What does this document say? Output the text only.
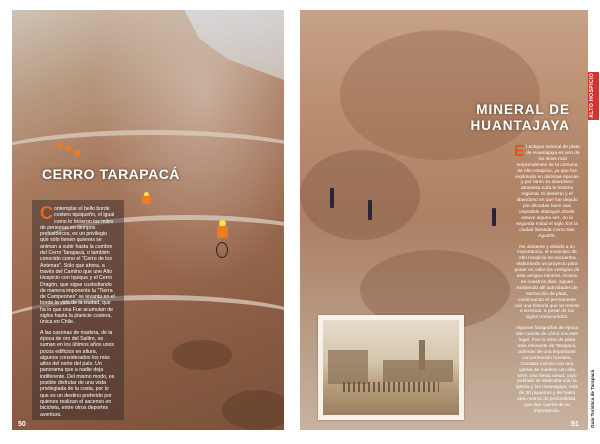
CERRO TARAPACÁ

Contemplar el bello borde costero iquiqueño, el igual como lo hicieron los miles de personas en tiempos prehistóricos, es un privilegio que sólo tienen quienes se animan a subir hasta la cumbre del Cerro Tarapacá, o también conocido como el "Cerro de los Antenas". Sólo que ahora, a través del Camino que une Alto Hospicio con Iquique y el Cerro Dragón, que sigue custodiando de manera imponente la "Tierra de Campeones" se levanta en el borde la vida de la ciudad, que ha lo que una Fue acumulan de siglos hasta la planicie costera, única en Chile.

A las casonas de madera, de la época de oro del Salitre, se suman en los últimos años unos pocos edificios en altura, algunos considerados los más altos del norte del país. Un panorama que a nadie deja indiferente. Del mismo modo, es posible disfrutar de una vista privilegiada de la costa, por lo que es un destino preferido por quienes realizan el ascenso en bicicleta, entre otros deportes aventura.

50
MINERAL DE
HUANTAJAYA

El antiguo mineral de plata de Huantajaya es uno de los sitios más sorprendentes de la comuna de Alto Hospicio, ya que fue explotado en distintas épocas y por tanto su abandono atraviesa toda la historia regional. El desierto y el abandono en que fue dejado por décadas hace casi imposible distinguir dónde estuvo alguna vez, en la segunda mitad el siglo XIX la ciudad llamada Cerro San Agustín.

No obstante y debido a su importancia, el municipio de Alto Hospicio se encuentra elaborando un proyecto para poner en valor los vestigios de este antiguo mineral, incluso en nuestros días, siguen existiendo allí actividades de extracción de plata, continuando el permanente con una historia que se resiste a terminar, a pesar de los siglos transcurridos.

Algunas fotografías de época dan cuenta de cómo era este lugar. Fue la mina de plata más relevante de Tarapacá, además de una importante concentración humana. Contaba incluso con una iglesia de madera con alta torre, una fiesta anual, cuyo poblado se dedicaba sólo la iglesia y los Huantajaya, más de 30 piquenes y de hasta seis metros de profundidad, que dan cuenta de su importancia.

51
ALTO HOSPICIO
Guía Turística de Tarapacá
